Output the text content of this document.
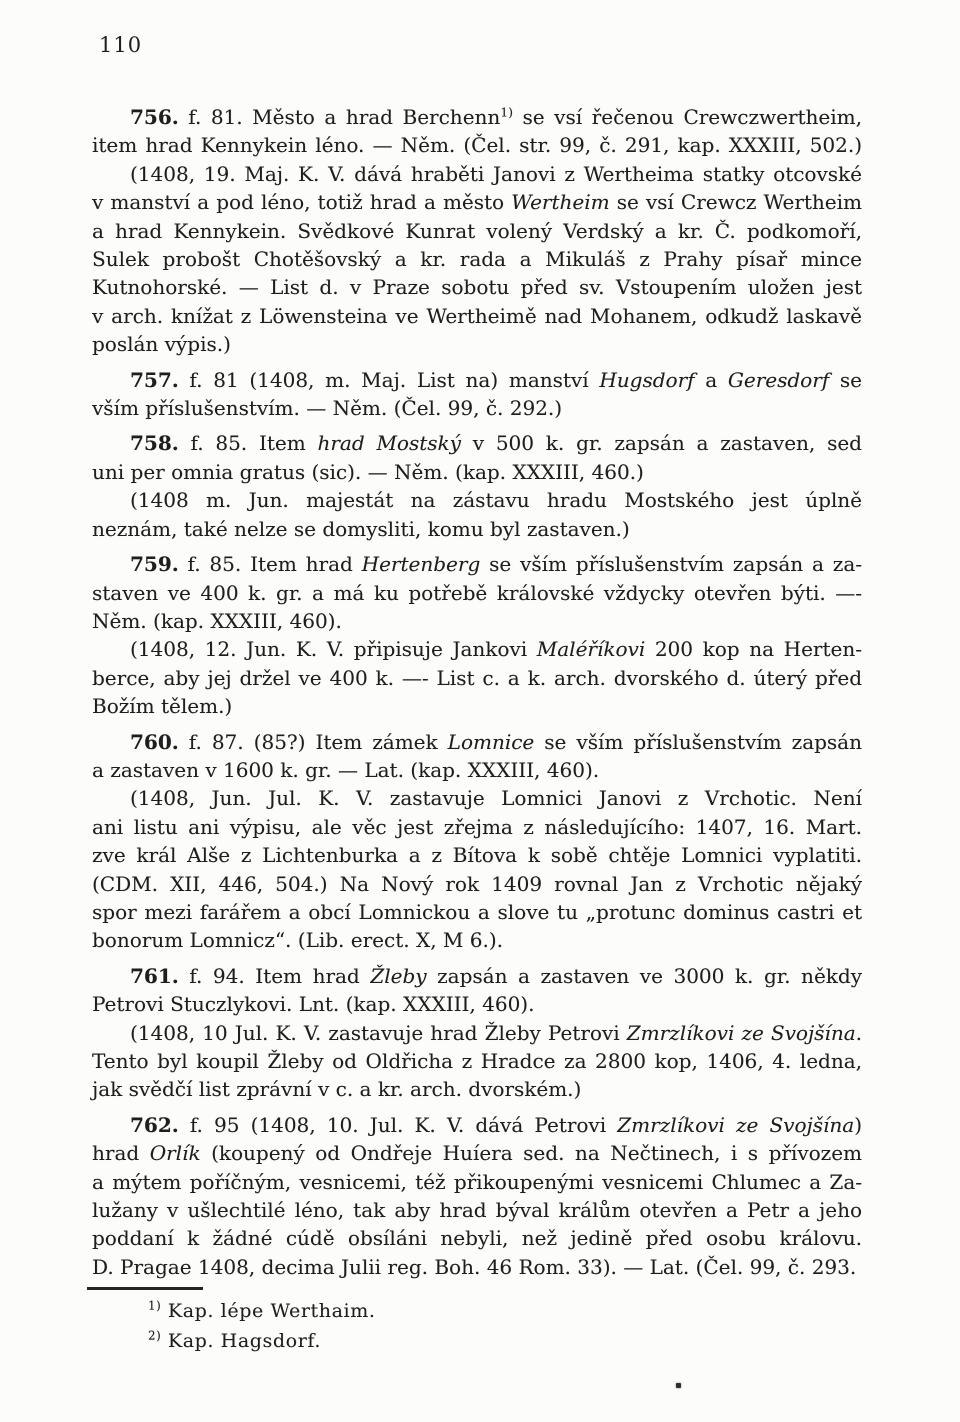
110
756. f. 81. Město a hrad Berchenn$^{1)}$ se vsí řečenou Crewczwertheim,
item hrad Kennykein léno. — Něm. (Čel. str. 99, č. 291, kap. XXXIII, 502.)
(1408, 19. Maj. K. V. dává hraběti Janovi z Wertheima statky otcovské
v manství a pod léno, totiž hrad a město Wertheim se vsí Crewcz Wertheim
a hrad Kennykein. Svědkové Kunrat volený Verdský a kr. Č. podkomoří,
Sulek probošt Chotěšovský a kr. rada a Mikuláš z Prahy písař mince
Kutnohorské. — List d. v Praze sobotu před sv. Vstoupením uložen jest
v arch. knížat z Löwensteina ve Wertheimě nad Mohanem, odkudž laskavě
poslán výpis.)
757. f. 81 (1408, m. Maj. List na) manství Hugsdorf a Geresdorf se
vším příslušenstvím. — Něm. (Čel. 99, č. 292.)
758. f. 85. Item hrad Mostský v 500 k. gr. zapsán a zastaven, sed
uni per omnia gratus (sic). — Něm. (kap. XXXIII, 460.)
(1408 m. Jun. majestát na zástavu hradu Mostského jest úplně
neznám, také nelze se domysliti, komu byl zastaven.)
759. f. 85. Item hrad Hertenberg se vším příslušenstvím zapsán a za-
staven ve 400 k. gr. a má ku potřebě královské vždycky otevřen býti. —-
Něm. (kap. XXXIII, 460).
(1408, 12. Jun. K. V. připisuje Jankovi Maléříkovi 200 kop na Herten-
berce, aby jej držel ve 400 k. —- List c. a k. arch. dvorského d. úterý před
Božím tělem.)
760. f. 87. (85?) Item zámek Lomnice se vším příslušenstvím zapsán
a zastaven v 1600 k. gr. — Lat. (kap. XXXIII, 460).
(1408, Jun. Jul. K. V. zastavuje Lomnici Janovi z Vrchotic. Není
ani listu ani výpisu, ale věc jest zřejma z následujícího: 1407, 16. Mart.
zve král Alše z Lichtenburka a z Bítova k sobě chtěje Lomnici vyplatiti.
(CDM. XII, 446, 504.) Na Nový rok 1409 rovnal Jan z Vrchotic nějaký
spor mezi farářem a obcí Lomnickou a slove tu „protunc dominus castri et
bonorum Lomnicz“. (Lib. erect. X, M 6.).
761. f. 94. Item hrad Žleby zapsán a zastaven ve 3000 k. gr. někdy
Petrovi Stuczlykovi. Lnt. (kap. XXXIII, 460).
(1408, 10 Jul. K. V. zastavuje hrad Žleby Petrovi Zmrzlíkovi ze Svojšína.
Tento byl koupil Žleby od Oldřicha z Hradce za 2800 kop, 1406, 4. ledna,
jak svědčí list zprávní v c. a kr. arch. dvorském.)
762. f. 95 (1408, 10. Jul. K. V. dává Petrovi Zmrzlíkovi ze Svojšína)
hrad Orlík (koupený od Ondřeje Huíera sed. na Nečtinech, i s přívozem
a mýtem poříčným, vesnicemi, též přikoupenými vesnicemi Chlumec a Za-
lužany v ušlechtilé léno, tak aby hrad býval králům otevřen a Petr a jeho
poddaní k žádné cúdě obsíláni nebyli, než jedině před osobu královu.
D. Pragae 1408, decima Julii reg. Boh. 46 Rom. 33). — Lat. (Čel. 99, č. 293.
$^{1)}$ Kap. lépe Werthaim.
$^{2)}$ Kap. Hagsdorf.
